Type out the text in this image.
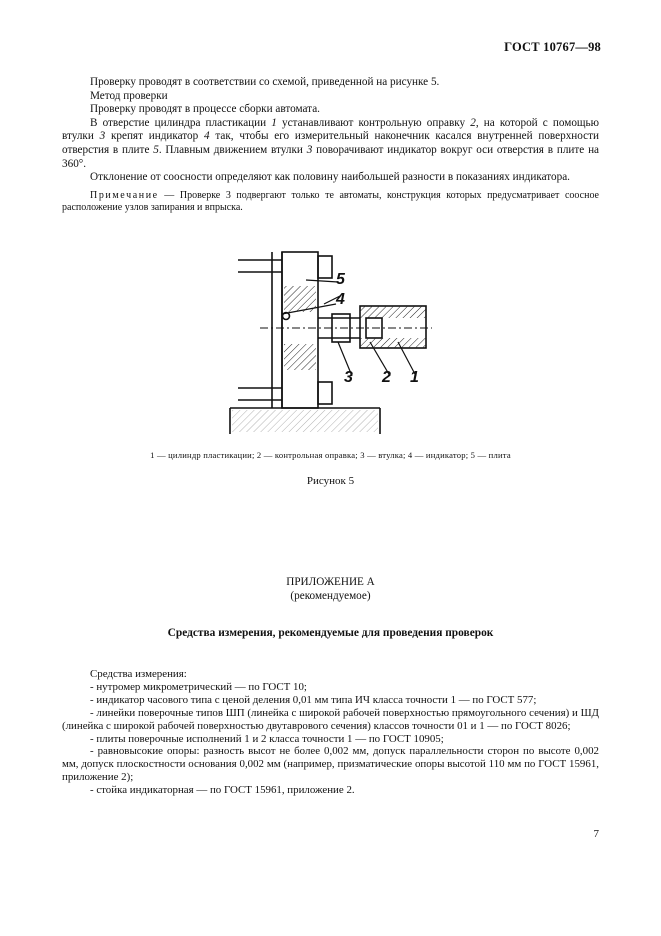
ГОСТ 10767—98

Проверку проводят в соответствии со схемой, приведенной на рисунке 5.

Метод проверки

Проверку проводят в процессе сборки автомата.

В отверстие цилиндра пластикации 1 устанавливают контрольную оправку 2, на которой с помощью втулки 3 крепят индикатор 4 так, чтобы его измерительный наконечник касался внутренней поверхности отверстия в плите 5. Плавным движением втулки 3 поворачивают индикатор вокруг оси отверстия в плите на 360°.

Отклонение от соосности определяют как половину наибольшей разности в показаниях индикатора.

Примечание — Проверке 3 подвергают только те автоматы, конструкция которых предусматривает соосное расположение узлов запирания и впрыска.

5
4
3 2 1
1 — цилиндр пластикации; 2 — контрольная оправка; 3 — втулка; 4 — индикатор; 5 — плита
Рисунок 5
ПРИЛОЖЕНИЕ А
(рекомендуемое)
Средства измерения, рекомендуемые для проведения проверок

Средства измерения:

- нутромер микрометрический — по ГОСТ 10;

- индикатор часового типа с ценой деления 0,01 мм типа ИЧ класса точности 1 — по ГОСТ 577;

- линейки поверочные типов ШП (линейка с широкой рабочей поверхностью прямоугольного сечения) и ШД (линейка с широкой рабочей поверхностью двутаврового сечения) классов точности 01 и 1 — по ГОСТ 8026;

- плиты поверочные исполнений 1 и 2 класса точности 1 — по ГОСТ 10905;

- равновысокие опоры: разность высот не более 0,002 мм, допуск параллельности сторон по высоте 0,002 мм, допуск плоскостности основания 0,002 мм (например, призматические опоры высотой 110 мм по ГОСТ 15961, приложение 2);

- стойка индикаторная — по ГОСТ 15961, приложение 2.

7
